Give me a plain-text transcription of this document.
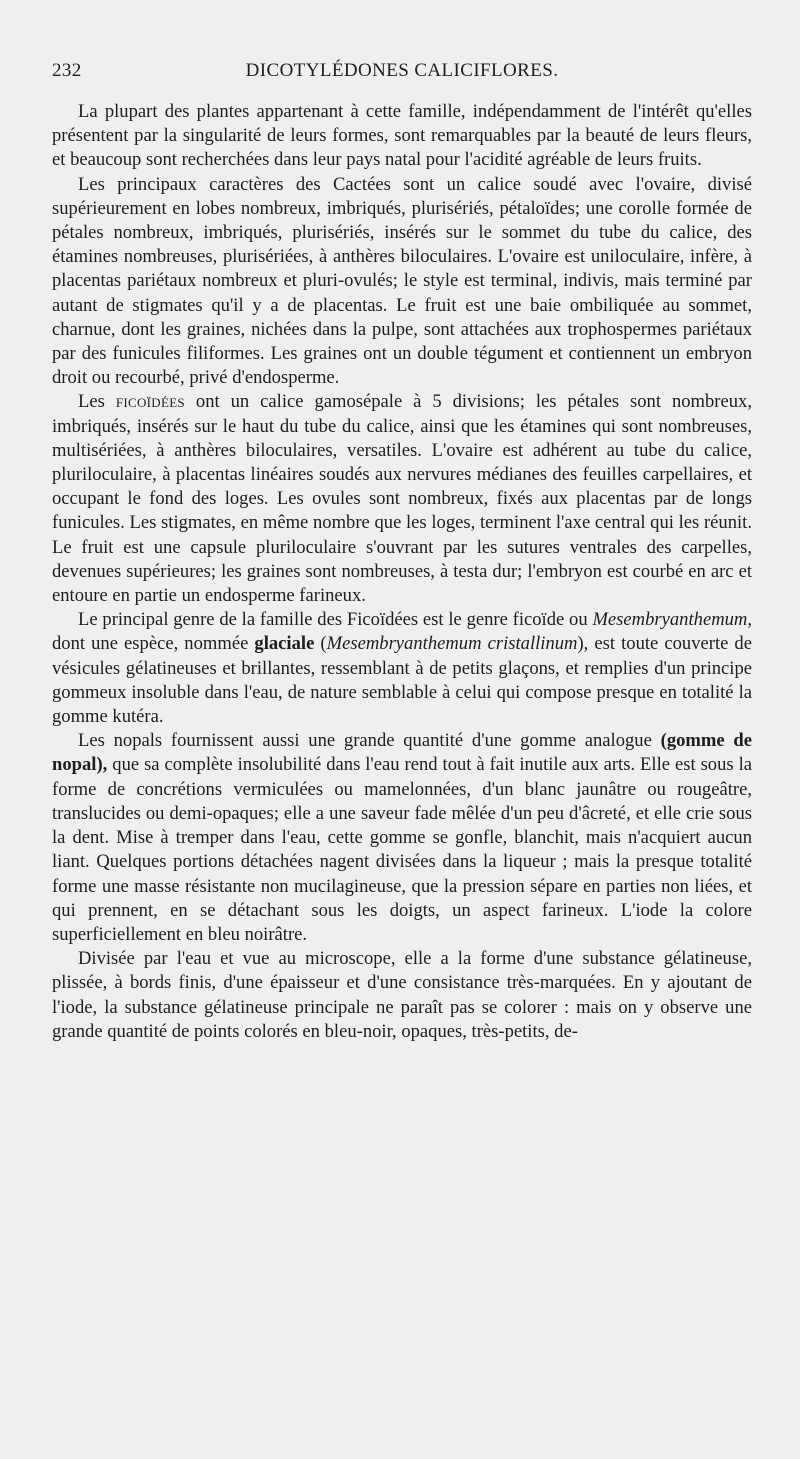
232	DICOTYLÉDONES CALICIFLORES.

La plupart des plantes appartenant à cette famille, indépendamment de l'intérêt qu'elles présentent par la singularité de leurs formes, sont remarquables par la beauté de leurs fleurs, et beaucoup sont recherchées dans leur pays natal pour l'acidité agréable de leurs fruits.

Les principaux caractères des Cactées sont un calice soudé avec l'ovaire, divisé supérieurement en lobes nombreux, imbriqués, plurisériés, pétaloïdes; une corolle formée de pétales nombreux, imbriqués, plurisériés, insérés sur le sommet du tube du calice, des étamines nombreuses, plurisériées, à anthères biloculaires. L'ovaire est uniloculaire, infère, à placentas pariétaux nombreux et pluri-ovulés; le style est terminal, indivis, mais terminé par autant de stigmates qu'il y a de placentas. Le fruit est une baie ombiliquée au sommet, charnue, dont les graines, nichées dans la pulpe, sont attachées aux trophospermes pariétaux par des funicules filiformes. Les graines ont un double tégument et contiennent un embryon droit ou recourbé, privé d'endosperme.

Les ficoïdées ont un calice gamosépale à 5 divisions; les pétales sont nombreux, imbriqués, insérés sur le haut du tube du calice, ainsi que les étamines qui sont nombreuses, multisériées, à anthères biloculaires, versatiles. L'ovaire est adhérent au tube du calice, pluriloculaire, à placentas linéaires soudés aux nervures médianes des feuilles carpellaires, et occupant le fond des loges. Les ovules sont nombreux, fixés aux placentas par de longs funicules. Les stigmates, en même nombre que les loges, terminent l'axe central qui les réunit. Le fruit est une capsule pluriloculaire s'ouvrant par les sutures ventrales des carpelles, devenues supérieures; les graines sont nombreuses, à testa dur; l'embryon est courbé en arc et entoure en partie un endosperme farineux.

Le principal genre de la famille des Ficoïdées est le genre ficoïde ou Mesembryanthemum, dont une espèce, nommée glaciale (Mesembryanthemum cristallinum), est toute couverte de vésicules gélatineuses et brillantes, ressemblant à de petits glaçons, et remplies d'un principe gommeux insoluble dans l'eau, de nature semblable à celui qui compose presque en totalité la gomme kutéra.

Les nopals fournissent aussi une grande quantité d'une gomme analogue (gomme de nopal), que sa complète insolubilité dans l'eau rend tout à fait inutile aux arts. Elle est sous la forme de concrétions vermiculées ou mamelonnées, d'un blanc jaunâtre ou rougeâtre, translucides ou demi-opaques; elle a une saveur fade mêlée d'un peu d'âcreté, et elle crie sous la dent. Mise à tremper dans l'eau, cette gomme se gonfle, blanchit, mais n'acquiert aucun liant. Quelques portions détachées nagent divisées dans la liqueur ; mais la presque totalité forme une masse résistante non mucilagineuse, que la pression sépare en parties non liées, et qui prennent, en se détachant sous les doigts, un aspect farineux. L'iode la colore superficiellement en bleu noirâtre.

Divisée par l'eau et vue au microscope, elle a la forme d'une substance gélatineuse, plissée, à bords finis, d'une épaisseur et d'une consistance très-marquées. En y ajoutant de l'iode, la substance gélatineuse principale ne paraît pas se colorer : mais on y observe une grande quantité de points colorés en bleu-noir, opaques, très-petits, de-
